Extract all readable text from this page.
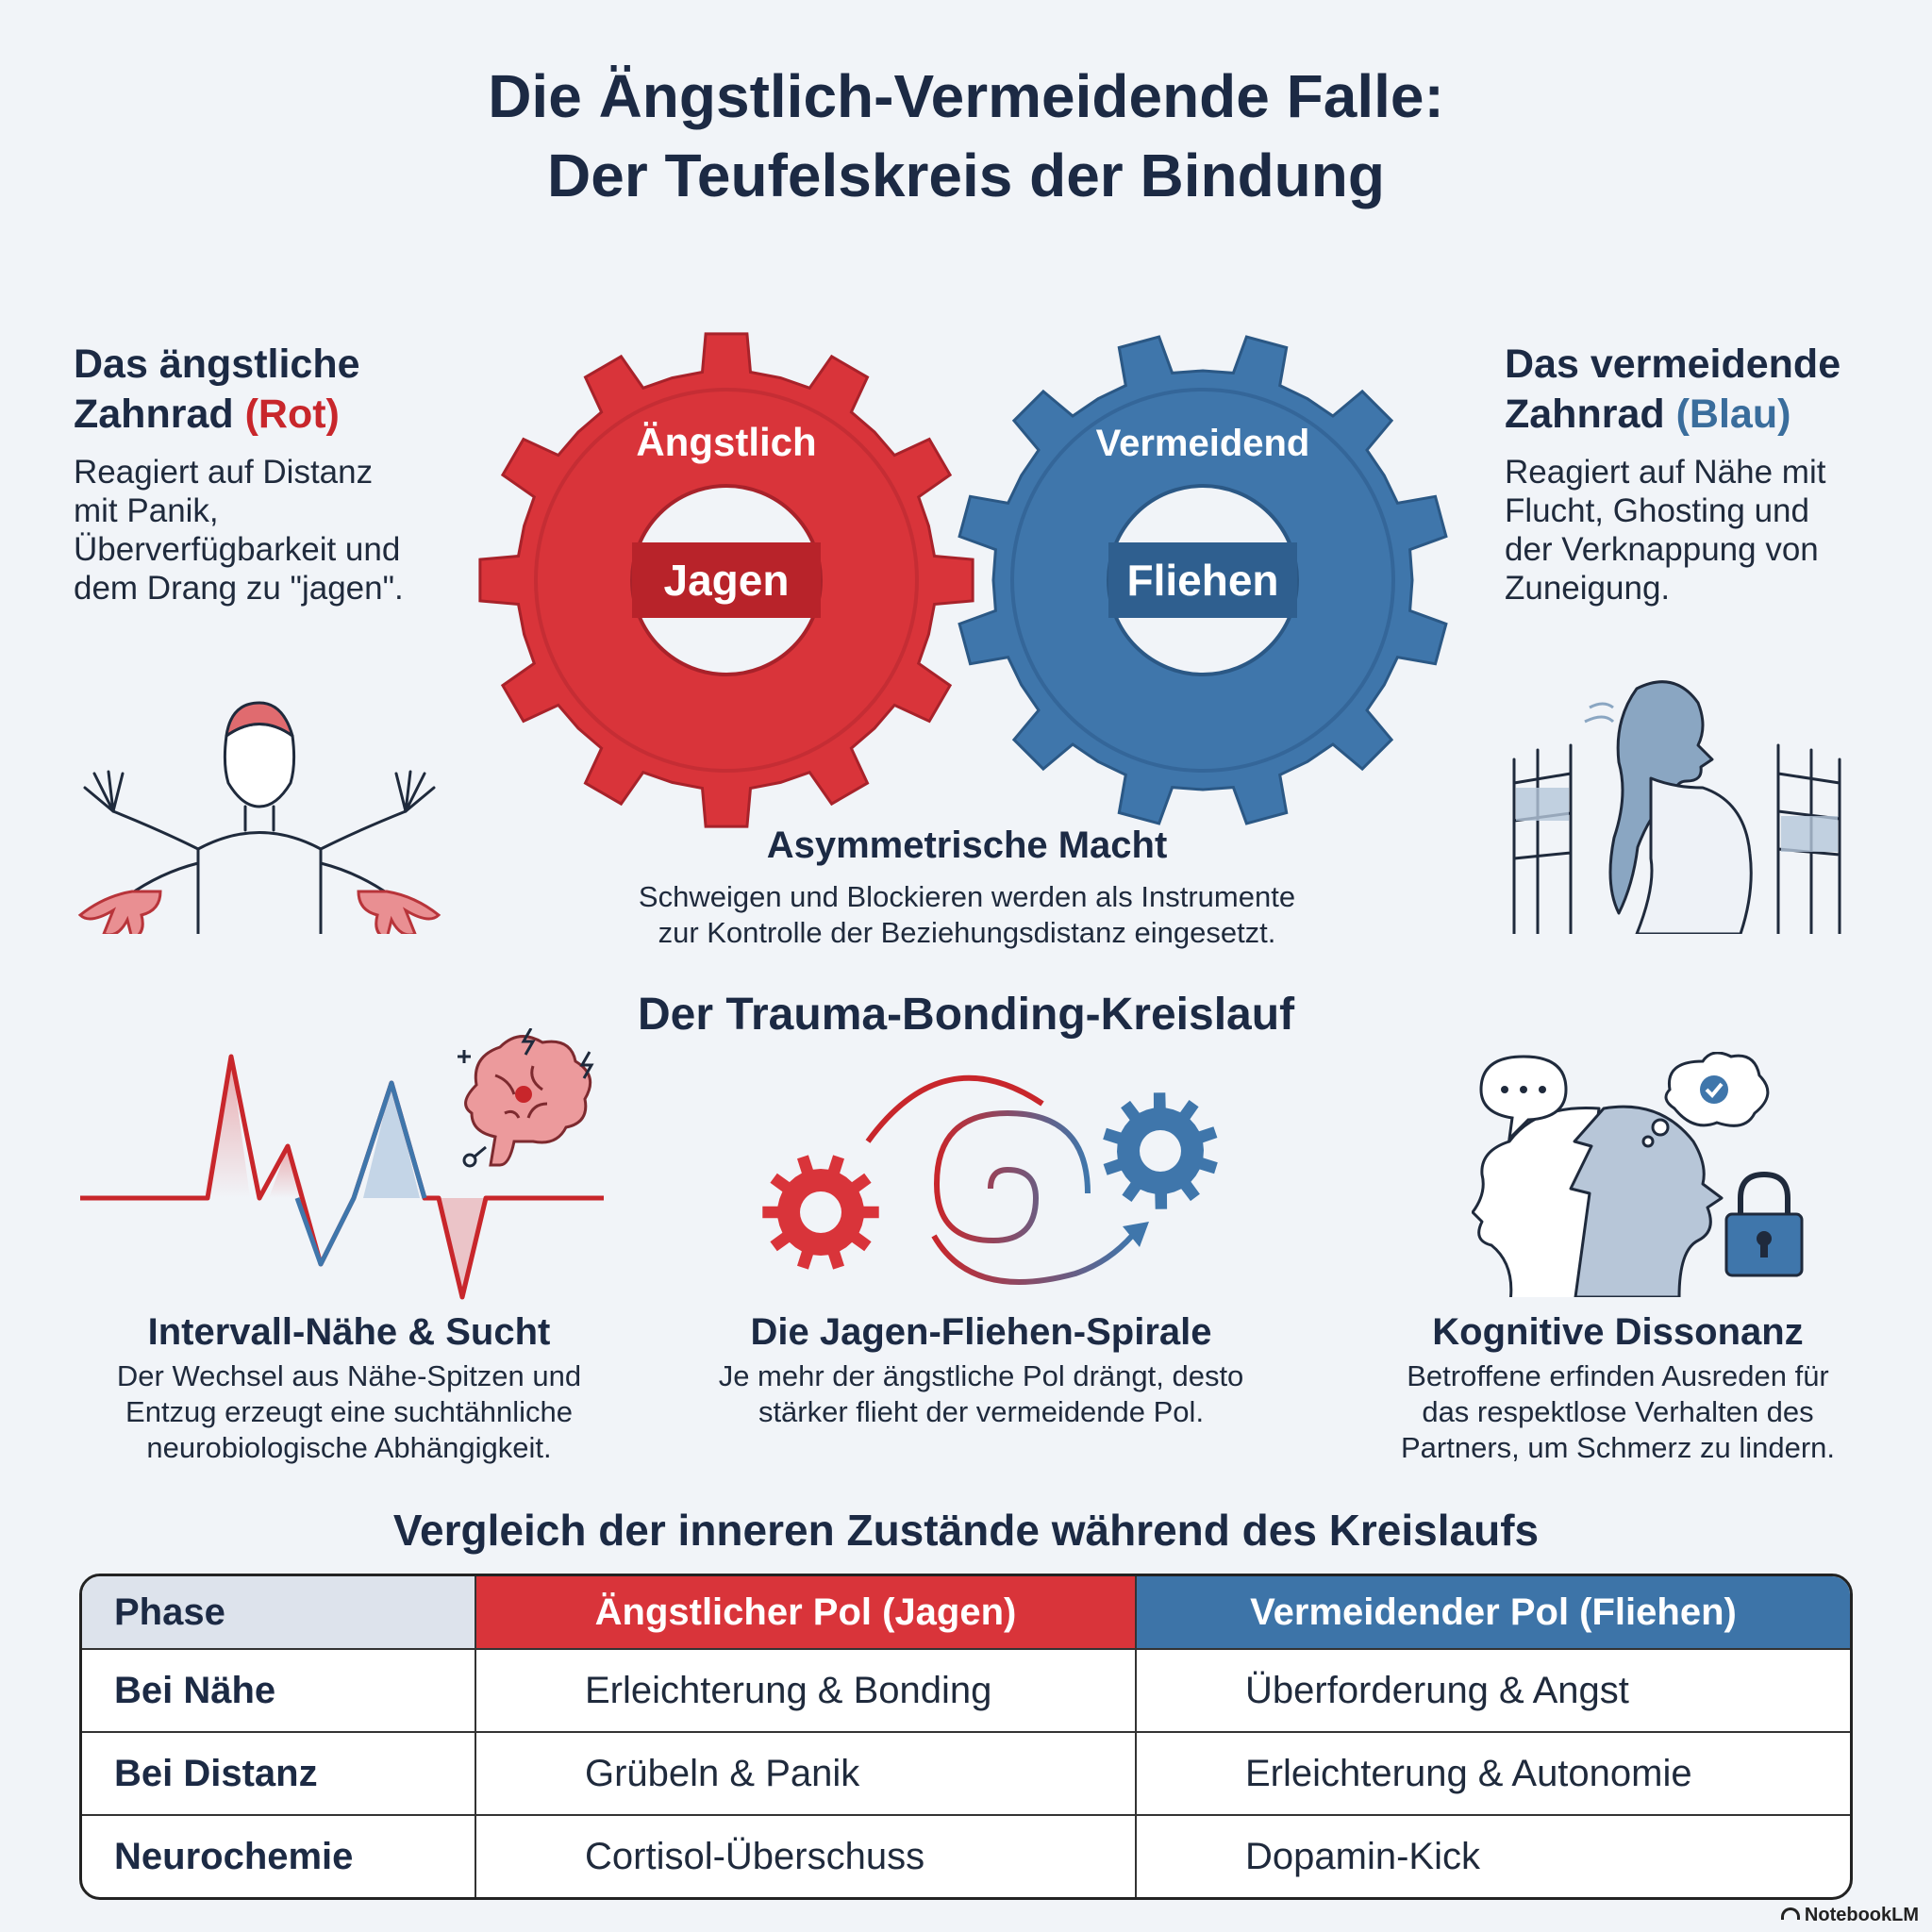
Die Ängstlich-Vermeidende Falle:
Der Teufelskreis der Bindung
Das ängstliche
Zahnrad (Rot)
Reagiert auf Distanz
mit Panik,
Überverfügbarkeit und
dem Drang zu "jagen".
Das vermeidende
Zahnrad (Blau)
Reagiert auf Nähe mit
Flucht, Ghosting und
der Verknappung von
Zuneigung.
Ängstlich
Jagen
Vermeidend
Fliehen
Asymmetrische Macht
Schweigen und Blockieren werden als Instrumente
zur Kontrolle der Beziehungsdistanz eingesetzt.
Der Trauma-Bonding-Kreislauf
Intervall-Nähe & Sucht
Der Wechsel aus Nähe-Spitzen und
Entzug erzeugt eine suchtähnliche
neurobiologische Abhängigkeit.
Die Jagen-Fliehen-Spirale
Je mehr der ängstliche Pol drängt, desto
stärker flieht der vermeidende Pol.
Kognitive Dissonanz
Betroffene erfinden Ausreden für
das respektlose Verhalten des
Partners, um Schmerz zu lindern.
Vergleich der inneren Zustände während des Kreislaufs
Phase	Ängstlicher Pol (Jagen)	Vermeidender Pol (Fliehen)
Bei Nähe	Erleichterung & Bonding	Überforderung & Angst
Bei Distanz	Grübeln & Panik	Erleichterung & Autonomie
Neurochemie	Cortisol-Überschuss	Dopamin-Kick
NotebookLM
